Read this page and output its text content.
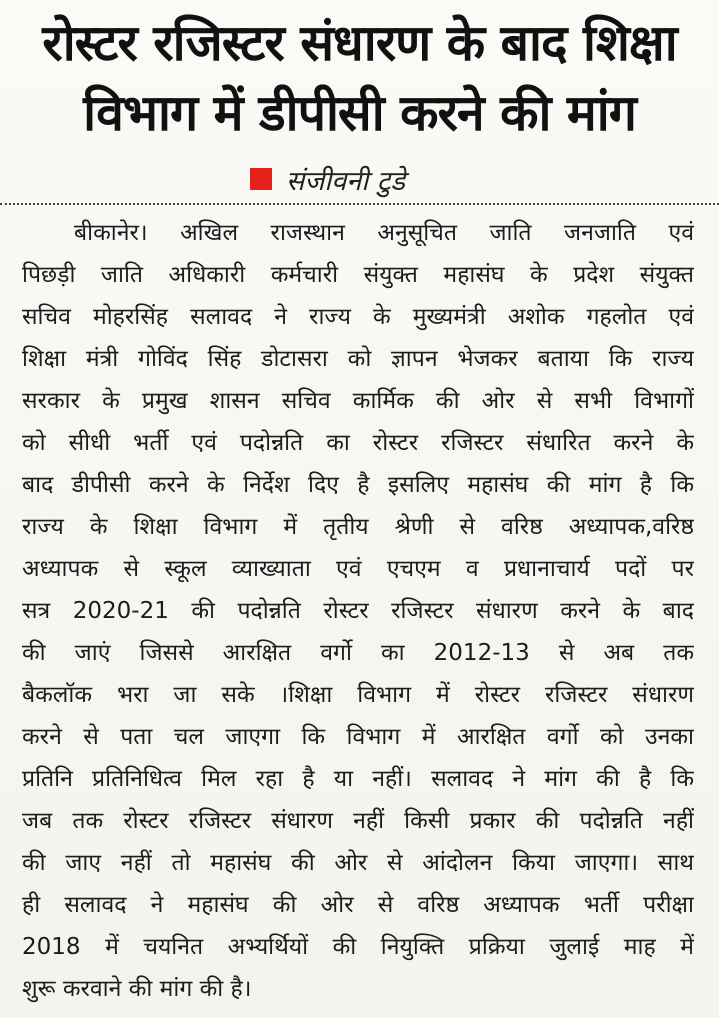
रोस्टर रजिस्टर संधारण के बाद शिक्षा
विभाग में डीपीसी करने की मांग
संजीवनी टुडे
बीकानेर। अखिल राजस्थान अनुसूचित जाति जनजाति एवं
पिछड़ी जाति अधिकारी कर्मचारी संयुक्त महासंघ के प्रदेश संयुक्त
सचिव मोहरसिंह सलावद ने राज्य के मुख्यमंत्री अशोक गहलोत एवं
शिक्षा मंत्री गोविंद सिंह डोटासरा को ज्ञापन भेजकर बताया कि राज्य
सरकार के प्रमुख शासन सचिव कार्मिक की ओर से सभी विभागों
को सीधी भर्ती एवं पदोन्नति का रोस्टर रजिस्टर संधारित करने के
बाद डीपीसी करने के निर्देश दिए है इसलिए महासंघ की मांग है कि
राज्य के शिक्षा विभाग में तृतीय श्रेणी से वरिष्ठ अध्यापक,वरिष्ठ
अध्यापक से स्कूल व्याख्याता एवं एचएम व प्रधानाचार्य पदों पर
सत्र 2020-21 की पदोन्नति रोस्टर रजिस्टर संधारण करने के बाद
की जाएं जिससे आरक्षित वर्गो का 2012-13 से अब तक
बैकलॉक भरा जा सके ।शिक्षा विभाग में रोस्टर रजिस्टर संधारण
करने से पता चल जाएगा कि विभाग में आरक्षित वर्गो को उनका
प्रतिनि प्रतिनिधित्व मिल रहा है या नहीं। सलावद ने मांग की है कि
जब तक रोस्टर रजिस्टर संधारण नहीं किसी प्रकार की पदोन्नति नहीं
की जाए नहीं तो महासंघ की ओर से आंदोलन किया जाएगा। साथ
ही सलावद ने महासंघ की ओर से वरिष्ठ अध्यापक भर्ती परीक्षा
2018 में चयनित अभ्यर्थियों की नियुक्ति प्रक्रिया जुलाई माह में
शुरू करवाने की मांग की है।
